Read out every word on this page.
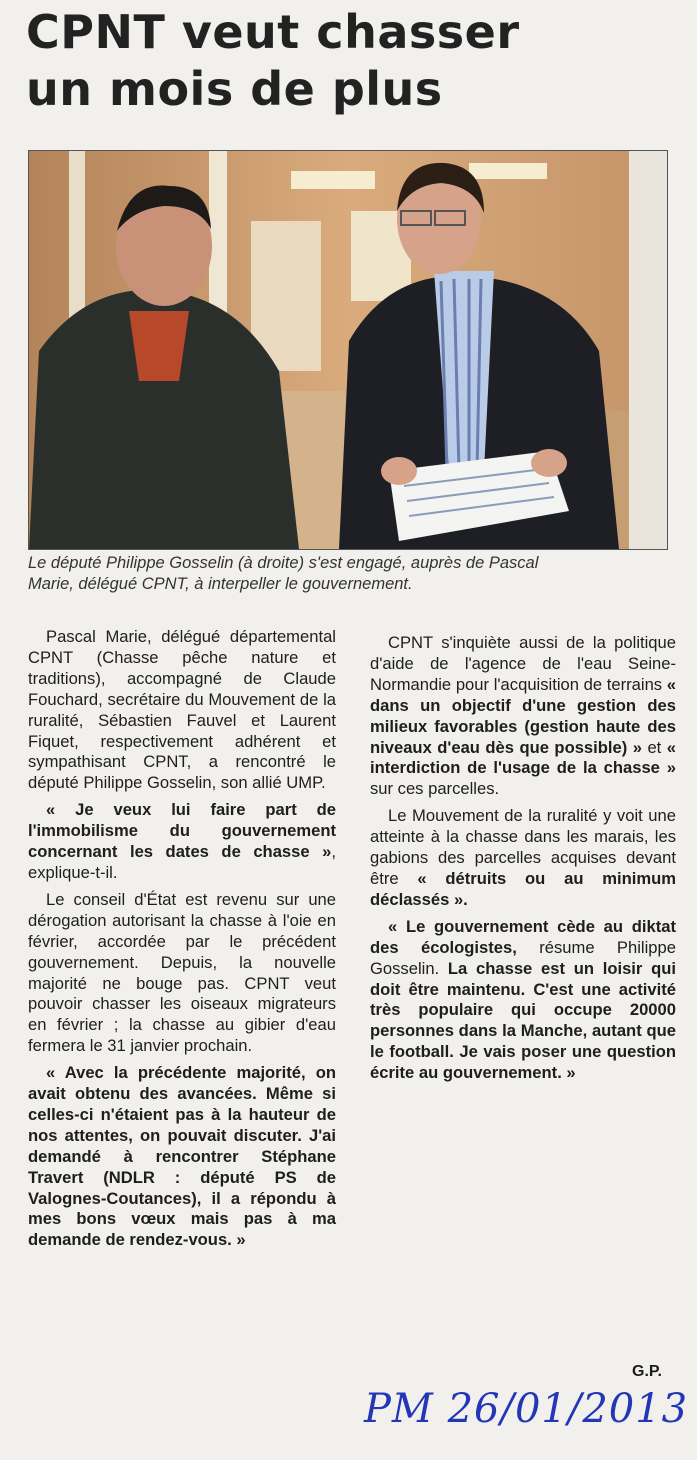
CPNT veut chasser
un mois de plus
Le député Philippe Gosselin (à droite) s'est engagé, auprès de Pascal
Marie, délégué CPNT, à interpeller le gouvernement.

Pascal Marie, délégué départemental CPNT (Chasse pêche nature et traditions), accompagné de Claude Fouchard, secrétaire du Mouvement de la ruralité, Sébastien Fauvel et Laurent Fiquet, respectivement adhérent et sympathisant CPNT, a rencontré le député Philippe Gosselin, son allié UMP.

« Je veux lui faire part de l'immobilisme du gouvernement concernant les dates de chasse », explique-t-il.

Le conseil d'État est revenu sur une dérogation autorisant la chasse à l'oie en février, accordée par le précédent gouvernement. Depuis, la nouvelle majorité ne bouge pas. CPNT veut pouvoir chasser les oiseaux migrateurs en février ; la chasse au gibier d'eau fermera le 31 janvier prochain.

« Avec la précédente majorité, on avait obtenu des avancées. Même si celles-ci n'étaient pas à la hauteur de nos attentes, on pouvait discuter. J'ai demandé à rencontrer Stéphane Travert (NDLR : député PS de Valognes-Coutances), il a répondu à mes bons vœux mais pas à ma demande de rendez-vous. »

CPNT s'inquiète aussi de la politique d'aide de l'agence de l'eau Seine-Normandie pour l'acquisition de terrains « dans un objectif d'une gestion des milieux favorables (gestion haute des niveaux d'eau dès que possible) » et « interdiction de l'usage de la chasse » sur ces parcelles.

Le Mouvement de la ruralité y voit une atteinte à la chasse dans les marais, les gabions des parcelles acquises devant être « détruits ou au minimum déclassés ».

« Le gouvernement cède au diktat des écologistes, résume Philippe Gosselin. La chasse est un loisir qui doit être maintenu. C'est une activité très populaire qui occupe 20000 personnes dans la Manche, autant que le football. Je vais poser une question écrite au gouvernement. »

G.P.
PM 26/01/2013
